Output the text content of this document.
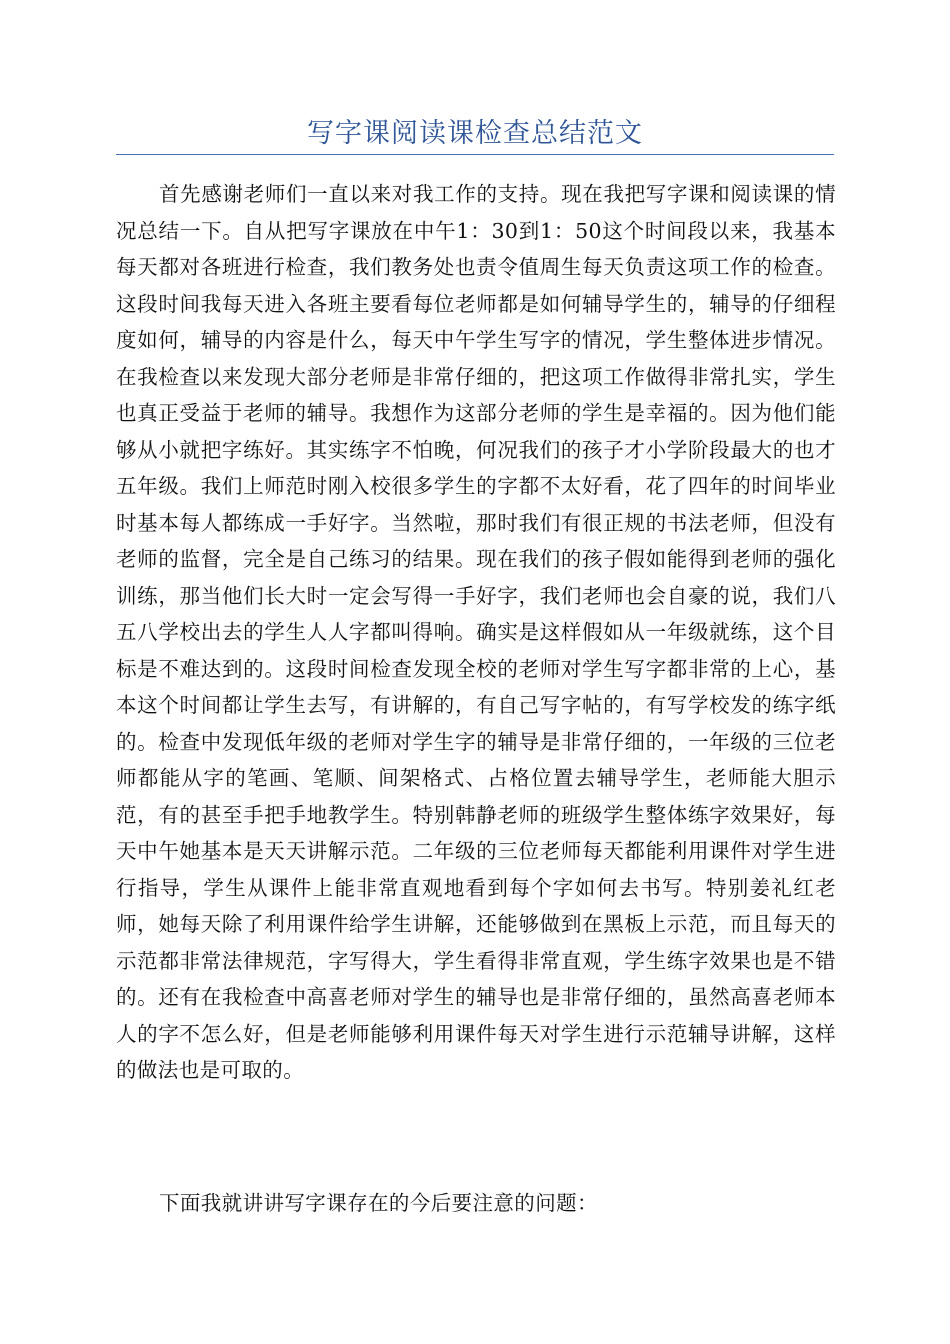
写字课阅读课检查总结范文

首先感谢老师们一直以来对我工作的支持。现在我把写字课和阅读课的情况总结一下。自从把写字课放在中午1：30到1：50这个时间段以来，我基本每天都对各班进行检查，我们教务处也责令值周生每天负责这项工作的检查。这段时间我每天进入各班主要看每位老师都是如何辅导学生的，辅导的仔细程度如何，辅导的内容是什么，每天中午学生写字的情况，学生整体进步情况。在我检查以来发现大部分老师是非常仔细的，把这项工作做得非常扎实，学生也真正受益于老师的辅导。我想作为这部分老师的学生是幸福的。因为他们能够从小就把字练好。其实练字不怕晚，何况我们的孩子才小学阶段最大的也才五年级。我们上师范时刚入校很多学生的字都不太好看，花了四年的时间毕业时基本每人都练成一手好字。当然啦，那时我们有很正规的书法老师，但没有老师的监督，完全是自己练习的结果。现在我们的孩子假如能得到老师的强化训练，那当他们长大时一定会写得一手好字，我们老师也会自豪的说，我们八五八学校出去的学生人人字都叫得响。确实是这样假如从一年级就练，这个目标是不难达到的。这段时间检查发现全校的老师对学生写字都非常的上心，基本这个时间都让学生去写，有讲解的，有自己写字帖的，有写学校发的练字纸的。检查中发现低年级的老师对学生字的辅导是非常仔细的，一年级的三位老师都能从字的笔画、笔顺、间架格式、占格位置去辅导学生，老师能大胆示范，有的甚至手把手地教学生。特别韩静老师的班级学生整体练字效果好，每天中午她基本是天天讲解示范。二年级的三位老师每天都能利用课件对学生进行指导，学生从课件上能非常直观地看到每个字如何去书写。特别姜礼红老师，她每天除了利用课件给学生讲解，还能够做到在黑板上示范，而且每天的示范都非常法律规范，字写得大，学生看得非常直观，学生练字效果也是不错的。还有在我检查中高喜老师对学生的辅导也是非常仔细的，虽然高喜老师本人的字不怎么好，但是老师能够利用课件每天对学生进行示范辅导讲解，这样的做法也是可取的。

下面我就讲讲写字课存在的今后要注意的问题：
